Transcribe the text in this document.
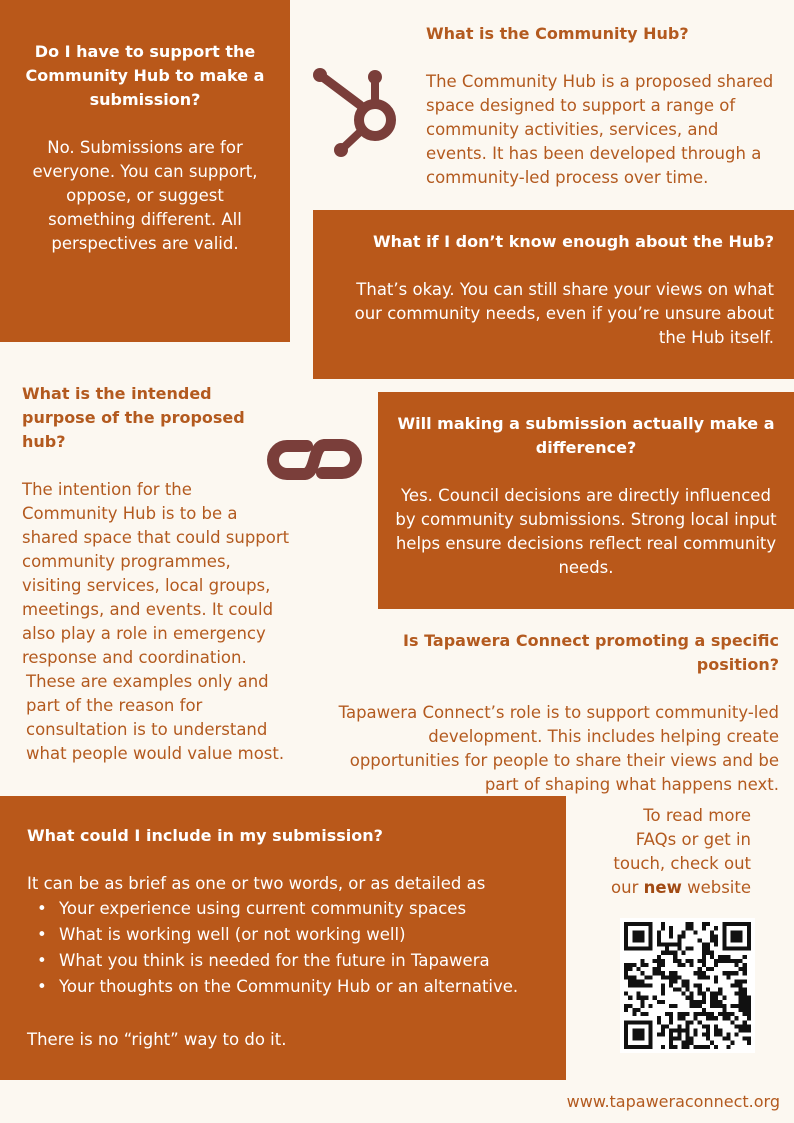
Do I have to support the Community Hub to make a submission?

No. Submissions are for everyone. You can support, oppose, or suggest something different. All perspectives are valid.

What is the Community Hub?

The Community Hub is a proposed shared space designed to support a range of community activities, services, and events. It has been developed through a community-led process over time.

What if I don’t know enough about the Hub?

That’s okay. You can still share your views on what our community needs, even if you’re unsure about the Hub itself.

What is the intended purpose of the proposed hub?

The intention for the Community Hub is to be a shared space that could support community programmes, visiting services, local groups, meetings, and events. It could also play a role in emergency response and coordination.

These are examples only and part of the reason for consultation is to understand what people would value most.

Will making a submission actually make a difference?

Yes. Council decisions are directly influenced by community submissions. Strong local input helps ensure decisions reflect real community needs.

Is Tapawera Connect promoting a specific position?

Tapawera Connect’s role is to support community-led development. This includes helping create opportunities for people to share their views and be part of shaping what happens next.

What could I include in my submission?

It can be as brief as one or two words, or as detailed as

• Your experience using current community spaces
• What is working well (or not working well)
• What you think is needed for the future in Tapawera
• Your thoughts on the Community Hub or an alternative.

There is no “right” way to do it.

To read more FAQs or get in touch, check out our new website

www.tapaweraconnect.org
